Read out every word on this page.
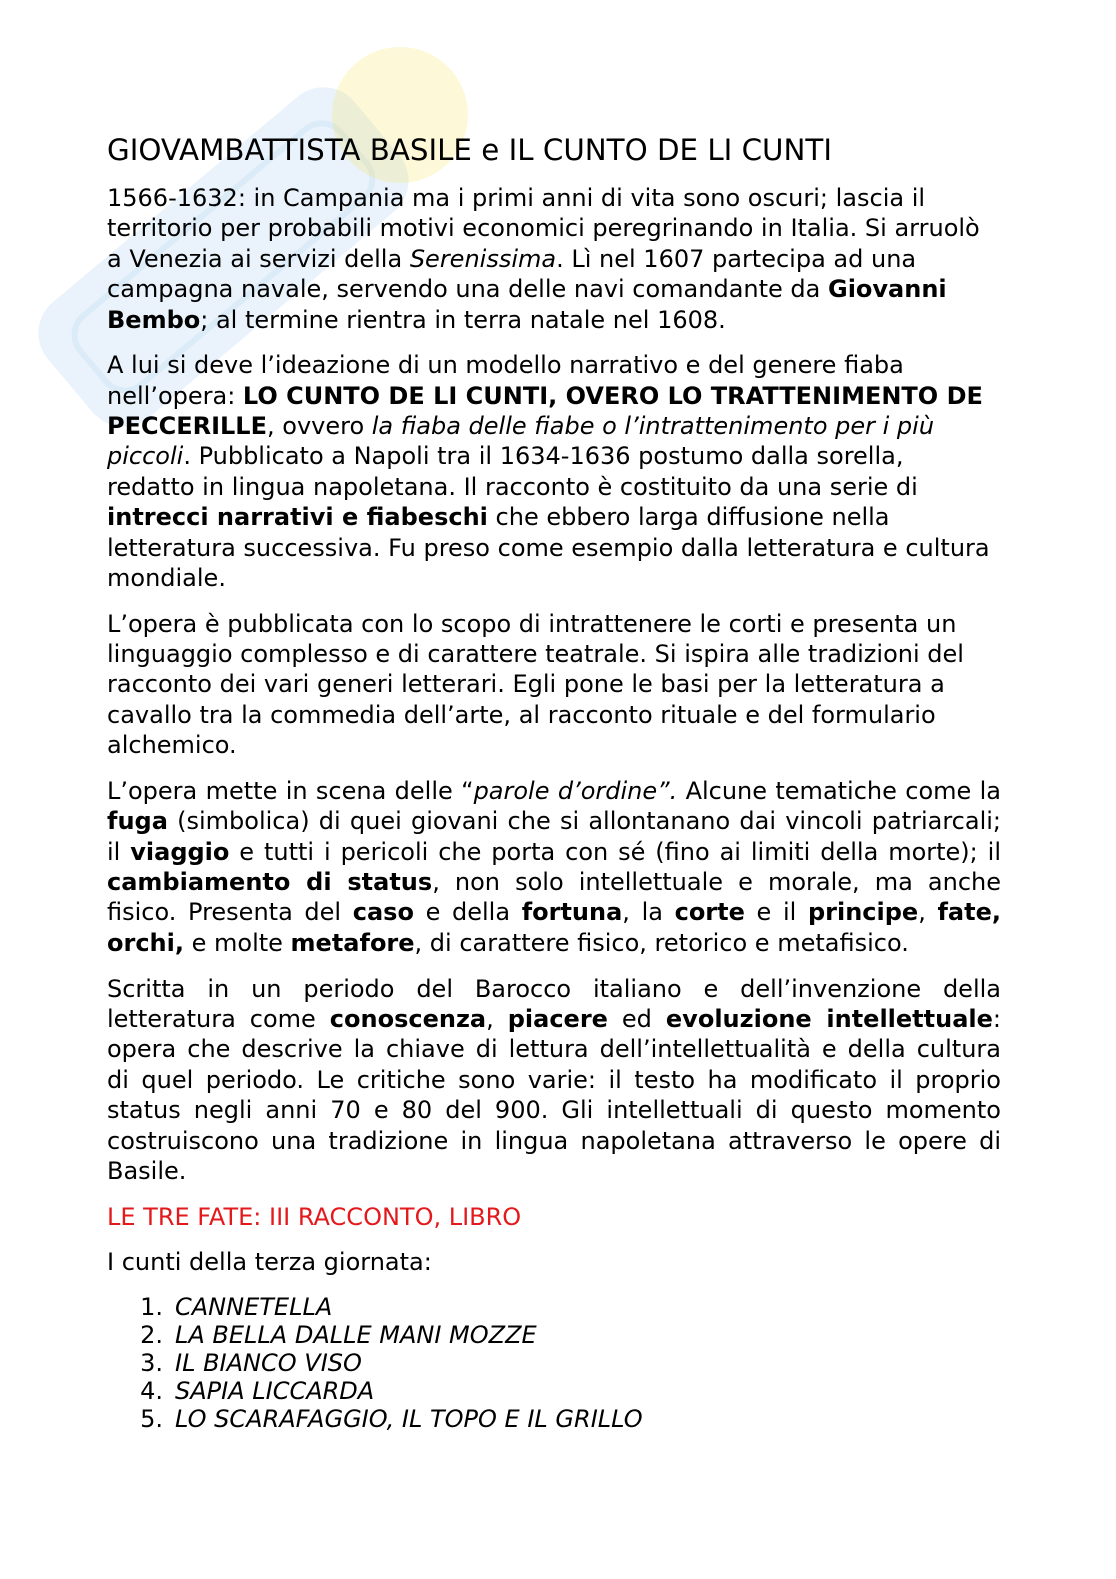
GIOVAMBATTISTA BASILE e IL CUNTO DE LI CUNTI
1566-1632: in Campania ma i primi anni di vita sono oscuri; lascia il
territorio per probabili motivi economici peregrinando in Italia. Si arruolò
a Venezia ai servizi della Serenissima. Lì nel 1607 partecipa ad una
campagna navale, servendo una delle navi comandante da Giovanni
Bembo; al termine rientra in terra natale nel 1608.
A lui si deve l’ideazione di un modello narrativo e del genere fiaba
nell’opera: LO CUNTO DE LI CUNTI, OVERO LO TRATTENIMENTO DE
PECCERILLE, ovvero la fiaba delle fiabe o l’intrattenimento per i più
piccoli. Pubblicato a Napoli tra il 1634-1636 postumo dalla sorella,
redatto in lingua napoletana. Il racconto è costituito da una serie di
intrecci narrativi e fiabeschi che ebbero larga diffusione nella
letteratura successiva. Fu preso come esempio dalla letteratura e cultura
mondiale.
L’opera è pubblicata con lo scopo di intrattenere le corti e presenta un
linguaggio complesso e di carattere teatrale. Si ispira alle tradizioni del
racconto dei vari generi letterari. Egli pone le basi per la letteratura a
cavallo tra la commedia dell’arte, al racconto rituale e del formulario
alchemico.
L’opera mette in scena delle “parole d’ordine”. Alcune tematiche come la
fuga (simbolica) di quei giovani che si allontanano dai vincoli patriarcali;
il viaggio e tutti i pericoli che porta con sé (fino ai limiti della morte); il
cambiamento di status, non solo intellettuale e morale, ma anche
fisico. Presenta del caso e della fortuna, la corte e il principe, fate,
orchi, e molte metafore, di carattere fisico, retorico e metafisico.
Scritta in un periodo del Barocco italiano e dell’invenzione della
letteratura come conoscenza, piacere ed evoluzione intellettuale:
opera che descrive la chiave di lettura dell’intellettualità e della cultura
di quel periodo. Le critiche sono varie: il testo ha modificato il proprio
status negli anni 70 e 80 del 900. Gli intellettuali di questo momento
costruiscono una tradizione in lingua napoletana attraverso le opere di
Basile.
LE TRE FATE: III RACCONTO, LIBRO
I cunti della terza giornata:
1. CANNETELLA
2. LA BELLA DALLE MANI MOZZE
3. IL BIANCO VISO
4. SAPIA LICCARDA
5. LO SCARAFAGGIO, IL TOPO E IL GRILLO
